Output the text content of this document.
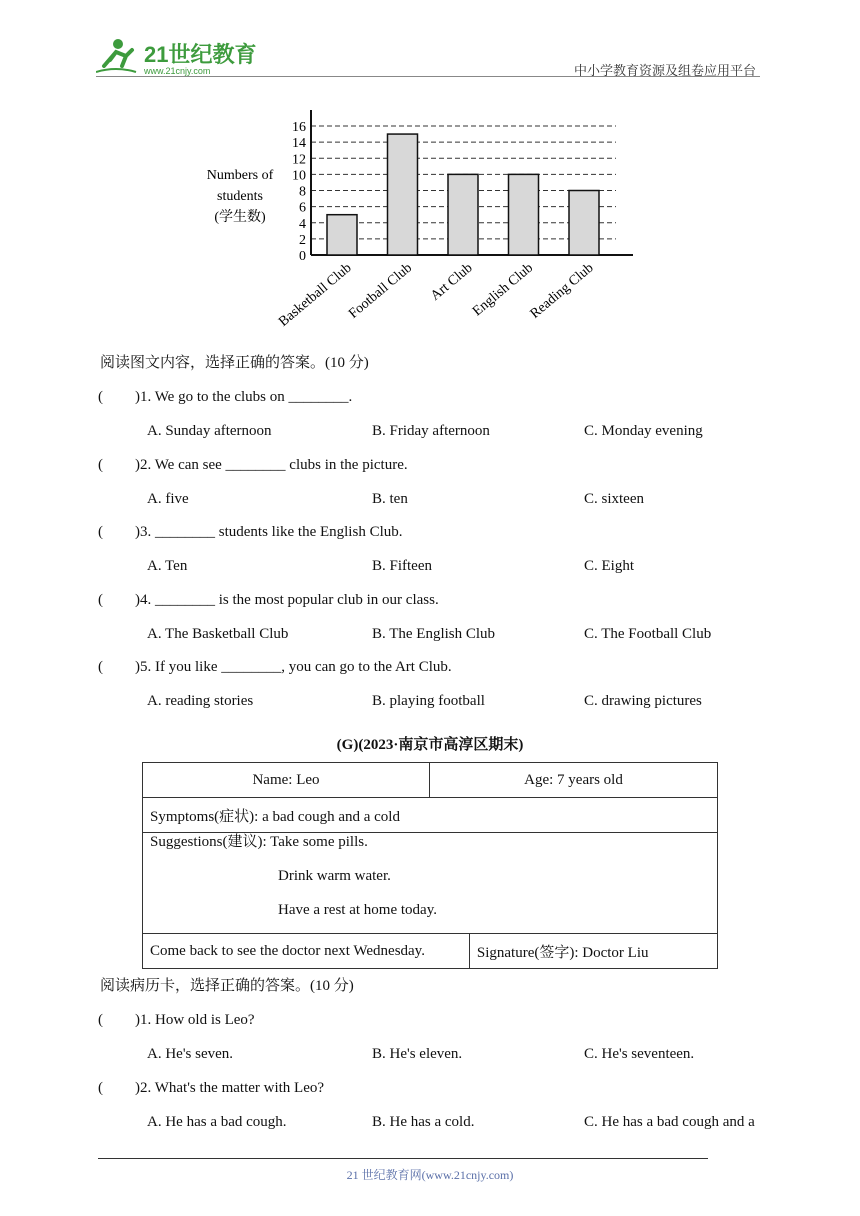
21世纪教育
www.21cnjy.com	中小学教育资源及组卷应用平台
0
2
4
6
8
10
12
14
16
Numbers of
students
(学生数)
Basketball Club
Football Club Art Club
English Club
Reading Club
阅读图文内容，选择正确的答案。(10 分)
( )1. We go to the clubs on ________.
A. Sunday afternoon	B. Friday afternoon	C. Monday evening
( )2. We can see ________ clubs in the picture.
A. five	B. ten	C. sixteen
( )3. ________ students like the English Club.
A. Ten	B. Fifteen	C. Eight
( )4. ________ is the most popular club in our class.
A. The Basketball Club	B. The English Club	C. The Football Club
( )5. If you like ________, you can go to the Art Club.
A. reading stories	B. playing football	C. drawing pictures
(G)(2023·南京市高淳区期末)
Name: Leo	Age: 7 years old	
Symptoms(症状): a bad cough and a cold		

Suggestions(建议): Take some pills.
Drink warm water.
Have a rest at home today.		

Come back to see the doctor next Wednesday.		Signature(签字): Doctor Liu
阅读病历卡，选择正确的答案。(10 分)
( )1. How old is Leo?
A. He's seven.	B. He's eleven.	C. He's seventeen.
( )2. What's the matter with Leo?
A. He has a bad cough.	B. He has a cold.	C. He has a bad cough and a
21 世纪教育网(www.21cnjy.com)
